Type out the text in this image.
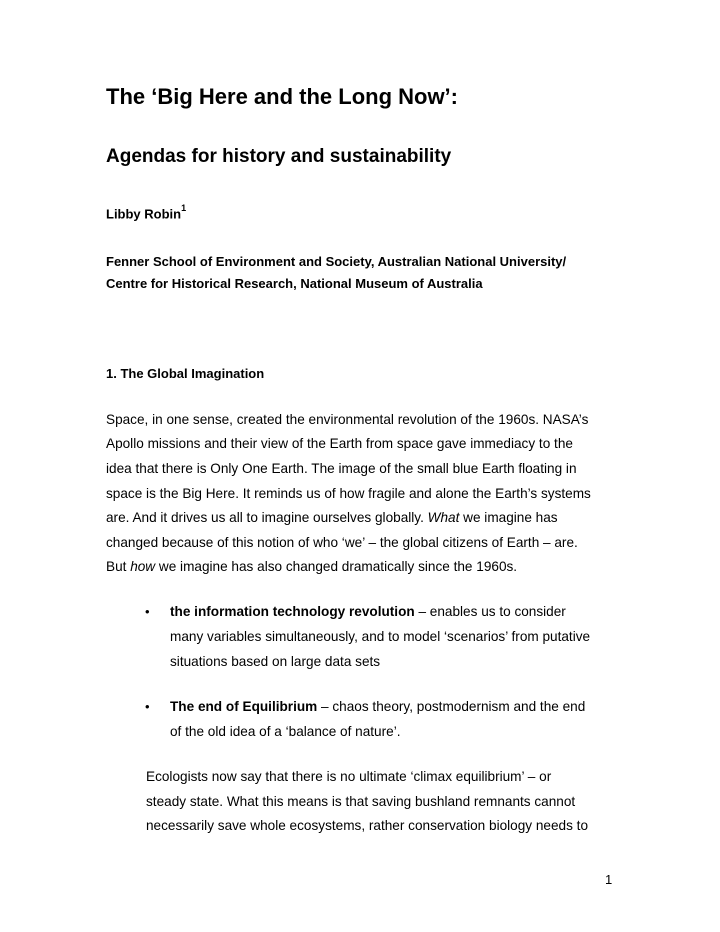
The ‘Big Here and the Long Now’:
Agendas for history and sustainability
Libby Robin$^1$
Fenner School of Environment and Society, Australian National University/
Centre for Historical Research, National Museum of Australia
1. The Global Imagination
Space, in one sense, created the environmental revolution of the 1960s. NASA’s
Apollo missions and their view of the Earth from space gave immediacy to the
idea that there is Only One Earth. The image of the small blue Earth floating in
space is the Big Here. It reminds us of how fragile and alone the Earth’s systems
are. And it drives us all to imagine ourselves globally. What we imagine has
changed because of this notion of who ‘we’ – the global citizens of Earth – are.
But how we imagine has also changed dramatically since the 1960s.
• the information technology revolution – enables us to consider
many variables simultaneously, and to model ‘scenarios’ from putative
situations based on large data sets
• The end of Equilibrium – chaos theory, postmodernism and the end
of the old idea of a ‘balance of nature’.
Ecologists now say that there is no ultimate ‘climax equilibrium’ – or
steady state. What this means is that saving bushland remnants cannot
necessarily save whole ecosystems, rather conservation biology needs to
1
